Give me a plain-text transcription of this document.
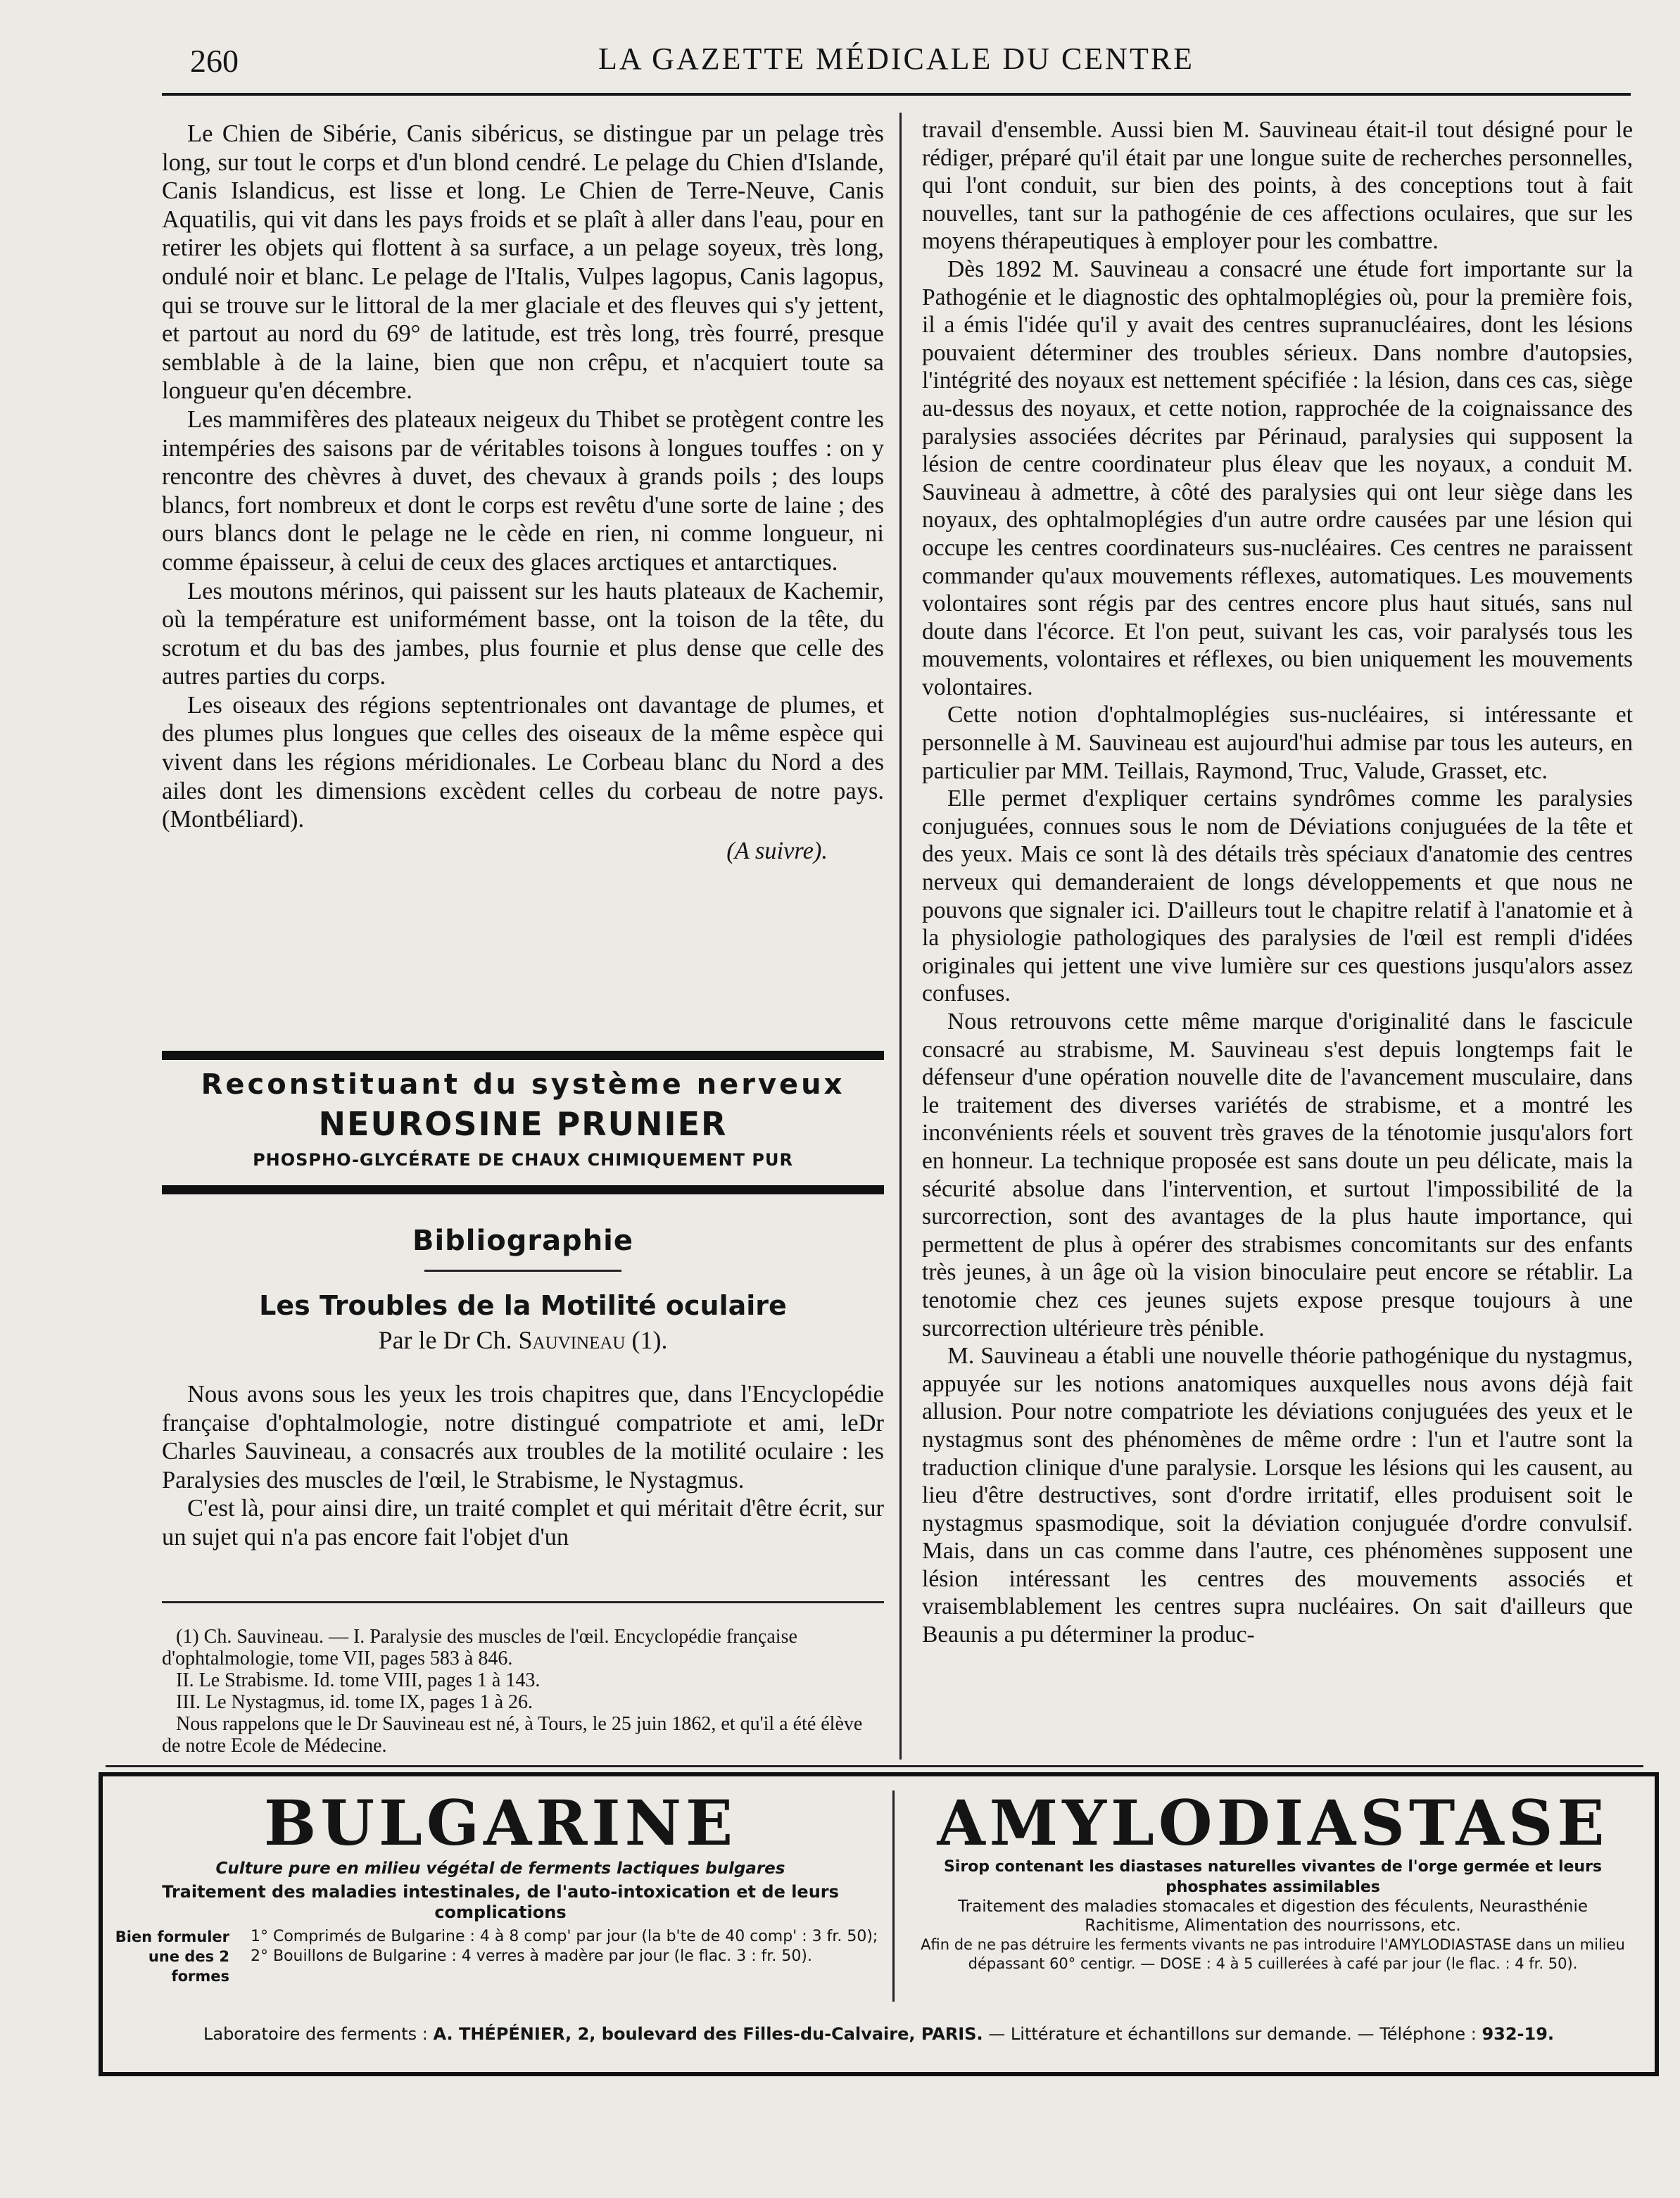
260	LA GAZETTE MÉDICALE DU CENTRE

Le Chien de Sibérie, Canis sibéricus, se distingue par un pelage très long, sur tout le corps et d'un blond cendré. Le pelage du Chien d'Islande, Canis Islandicus, est lisse et long. Le Chien de Terre-Neuve, Canis Aquatilis, qui vit dans les pays froids et se plaît à aller dans l'eau, pour en retirer les objets qui flottent à sa surface, a un pelage soyeux, très long, ondulé noir et blanc. Le pelage de l'Italis, Vulpes lagopus, Canis lagopus, qui se trouve sur le littoral de la mer glaciale et des fleuves qui s'y jettent, et partout au nord du 69° de latitude, est très long, très fourré, presque semblable à de la laine, bien que non crêpu, et n'acquiert toute sa longueur qu'en décembre.

Les mammifères des plateaux neigeux du Thibet se protègent contre les intempéries des saisons par de véritables toisons à longues touffes : on y rencontre des chèvres à duvet, des chevaux à grands poils ; des loups blancs, fort nombreux et dont le corps est revêtu d'une sorte de laine ; des ours blancs dont le pelage ne le cède en rien, ni comme longueur, ni comme épaisseur, à celui de ceux des glaces arctiques et antarctiques.

Les moutons mérinos, qui paissent sur les hauts plateaux de Kachemir, où la température est uniformément basse, ont la toison de la tête, du scrotum et du bas des jambes, plus fournie et plus dense que celle des autres parties du corps.

Les oiseaux des régions septentrionales ont davantage de plumes, et des plumes plus longues que celles des oiseaux de la même espèce qui vivent dans les régions méridionales. Le Corbeau blanc du Nord a des ailes dont les dimensions excèdent celles du corbeau de notre pays. (Montbéliard).

(A suivre).
Reconstituant du système nerveux
NEUROSINE PRUNIER
PHOSPHO-GLYCÉRATE DE CHAUX CHIMIQUEMENT PUR
Bibliographie
Les Troubles de la Motilité oculaire
Par le Dr Ch. Sauvineau (1).

Nous avons sous les yeux les trois chapitres que, dans l'Encyclopédie française d'ophtalmologie, notre distingué compatriote et ami, leDr Charles Sauvineau, a consacrés aux troubles de la motilité oculaire : les Paralysies des muscles de l'œil, le Strabisme, le Nystagmus.

C'est là, pour ainsi dire, un traité complet et qui méritait d'être écrit, sur un sujet qui n'a pas encore fait l'objet d'un

(1) Ch. Sauvineau. — I. Paralysie des muscles de l'œil. Encyclopédie française d'ophtalmologie, tome VII, pages 583 à 846.
II. Le Strabisme. Id. tome VIII, pages 1 à 143.
III. Le Nystagmus, id. tome IX, pages 1 à 26.
Nous rappelons que le Dr Sauvineau est né, à Tours, le 25 juin 1862, et qu'il a été élève de notre Ecole de Médecine.

travail d'ensemble. Aussi bien M. Sauvineau était-il tout désigné pour le rédiger, préparé qu'il était par une longue suite de recherches personnelles, qui l'ont conduit, sur bien des points, à des conceptions tout à fait nouvelles, tant sur la pathogénie de ces affections oculaires, que sur les moyens thérapeutiques à employer pour les combattre.

Dès 1892 M. Sauvineau a consacré une étude fort importante sur la Pathogénie et le diagnostic des ophtalmoplégies où, pour la première fois, il a émis l'idée qu'il y avait des centres supranucléaires, dont les lésions pouvaient déterminer des troubles sérieux. Dans nombre d'autopsies, l'intégrité des noyaux est nettement spécifiée : la lésion, dans ces cas, siège au-dessus des noyaux, et cette notion, rapprochée de la coignaissance des paralysies associées décrites par Périnaud, paralysies qui supposent la lésion de centre coordinateur plus éleav que les noyaux, a conduit M. Sauvineau à admettre, à côté des paralysies qui ont leur siège dans les noyaux, des ophtalmoplégies d'un autre ordre causées par une lésion qui occupe les centres coordinateurs sus-nucléaires. Ces centres ne paraissent commander qu'aux mouvements réflexes, automatiques. Les mouvements volontaires sont régis par des centres encore plus haut situés, sans nul doute dans l'écorce. Et l'on peut, suivant les cas, voir paralysés tous les mouvements, volontaires et réflexes, ou bien uniquement les mouvements volontaires.

Cette notion d'ophtalmoplégies sus-nucléaires, si intéressante et personnelle à M. Sauvineau est aujourd'hui admise par tous les auteurs, en particulier par MM. Teillais, Raymond, Truc, Valude, Grasset, etc.

Elle permet d'expliquer certains syndrômes comme les paralysies conjuguées, connues sous le nom de Déviations conjuguées de la tête et des yeux. Mais ce sont là des détails très spéciaux d'anatomie des centres nerveux qui demanderaient de longs développements et que nous ne pouvons que signaler ici. D'ailleurs tout le chapitre relatif à l'anatomie et à la physiologie pathologiques des paralysies de l'œil est rempli d'idées originales qui jettent une vive lumière sur ces questions jusqu'alors assez confuses.

Nous retrouvons cette même marque d'originalité dans le fascicule consacré au strabisme, M. Sauvineau s'est depuis longtemps fait le défenseur d'une opération nouvelle dite de l'avancement musculaire, dans le traitement des diverses variétés de strabisme, et a montré les inconvénients réels et souvent très graves de la ténotomie jusqu'alors fort en honneur. La technique proposée est sans doute un peu délicate, mais la sécurité absolue dans l'intervention, et surtout l'impossibilité de la surcorrection, sont des avantages de la plus haute importance, qui permettent de plus à opérer des strabismes concomitants sur des enfants très jeunes, à un âge où la vision binoculaire peut encore se rétablir. La tenotomie chez ces jeunes sujets expose presque toujours à une surcorrection ultérieure très pénible.

M. Sauvineau a établi une nouvelle théorie pathogénique du nystagmus, appuyée sur les notions anatomiques auxquelles nous avons déjà fait allusion. Pour notre compatriote les déviations conjuguées des yeux et le nystagmus sont des phénomènes de même ordre : l'un et l'autre sont la traduction clinique d'une paralysie. Lorsque les lésions qui les causent, au lieu d'être destructives, sont d'ordre irritatif, elles produisent soit le nystagmus spasmodique, soit la déviation conjuguée d'ordre convulsif. Mais, dans un cas comme dans l'autre, ces phénomènes supposent une lésion intéressant les centres des mouvements associés et vraisemblablement les centres supra nucléaires. On sait d'ailleurs que Beaunis a pu déterminer la produc-

BULGARINE
Culture pure en milieu végétal de ferments lactiques bulgares
Traitement des maladies intestinales, de l'auto-intoxication et de leurs complications
Bien formuler
une des 2 formes
1° Comprimés de Bulgarine : 4 à 8 comp' par jour (la b'te de 40 comp' : 3 fr. 50);
2° Bouillons de Bulgarine : 4 verres à madère par jour (le flac. 3 : fr. 50).
AMYLODIASTASE
Sirop contenant les diastases naturelles vivantes de l'orge germée et leurs phosphates assimilables
Traitement des maladies stomacales et digestion des féculents, Neurasthénie
Rachitisme, Alimentation des nourrissons, etc.
Afin de ne pas détruire les ferments vivants ne pas introduire l'AMYLODIASTASE dans un milieu
dépassant 60° centigr. — DOSE : 4 à 5 cuillerées à café par jour (le flac. : 4 fr. 50).
Laboratoire des ferments : A. THÉPÉNIER, 2, boulevard des Filles-du-Calvaire, PARIS. — Littérature et échantillons sur demande. — Téléphone : 932-19.
